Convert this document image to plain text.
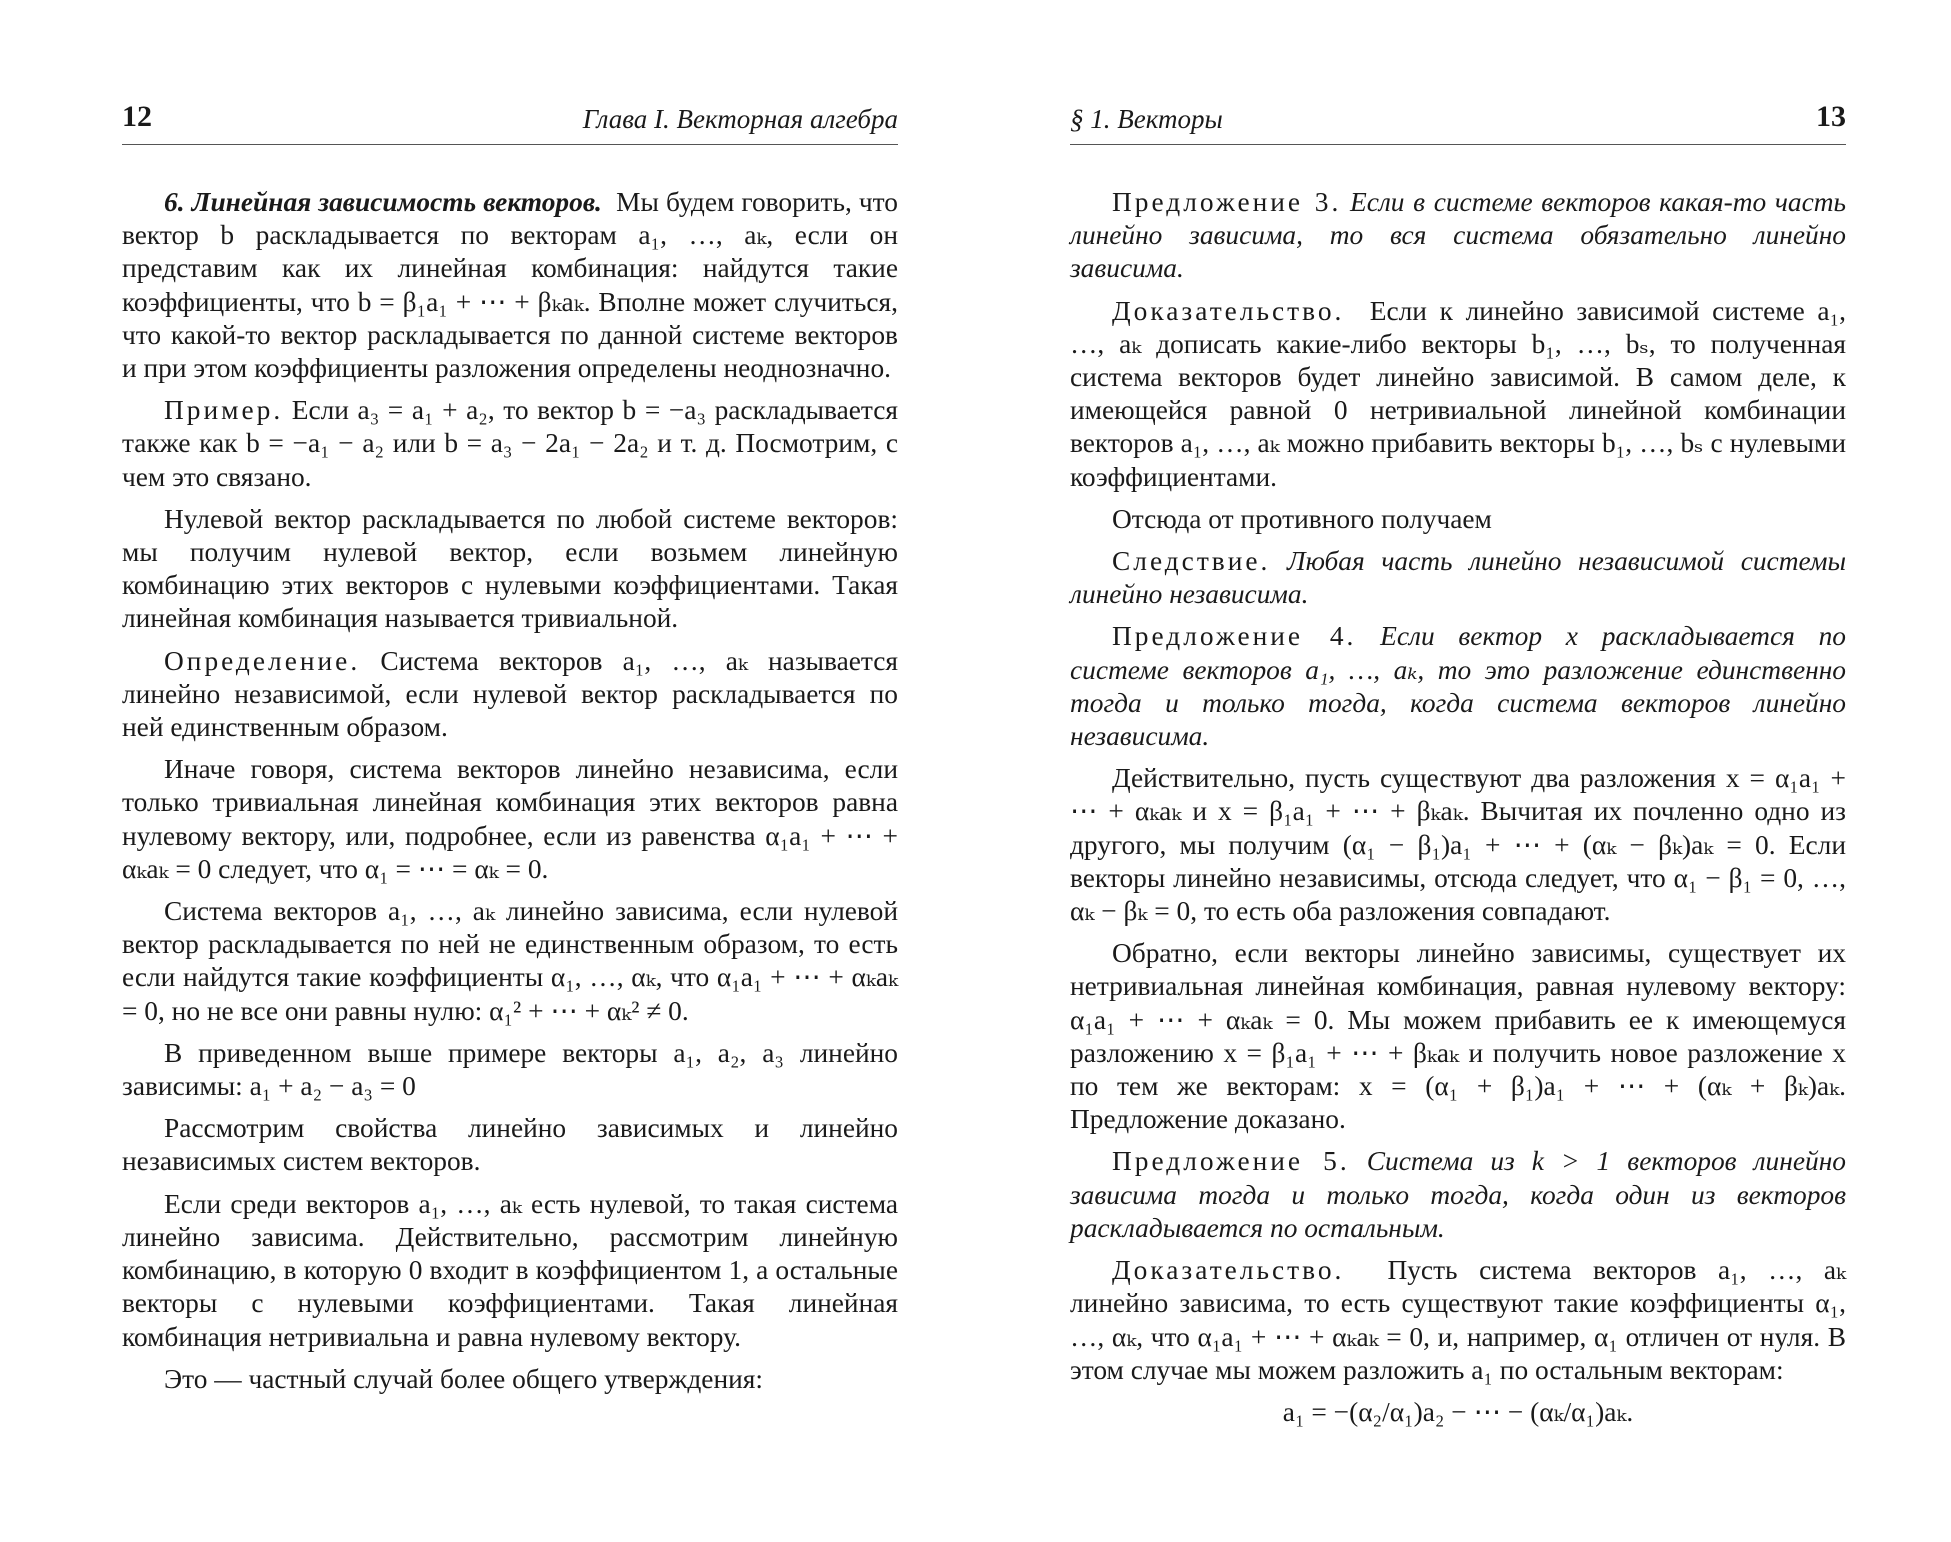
12	Глава I. Векторная алгебра

6. Линейная зависимость векторов. Мы будем говорить, что вектор b раскладывается по векторам a₁, …, aₖ, если он представим как их линейная комбинация: найдутся такие коэффициенты, что b = β₁a₁ + ⋯ + βₖaₖ. Вполне может случиться, что какой-то вектор раскладывается по данной системе векторов и при этом коэффициенты разложения определены неоднозначно.

Пример. Если a₃ = a₁ + a₂, то вектор b = −a₃ раскладывается также как b = −a₁ − a₂ или b = a₃ − 2a₁ − 2a₂ и т. д. Посмотрим, с чем это связано.

Нулевой вектор раскладывается по любой системе векторов: мы получим нулевой вектор, если возьмем линейную комбинацию этих векторов с нулевыми коэффициентами. Такая линейная комбинация называется тривиальной.

Определение. Система векторов a₁, …, aₖ называется линейно независимой, если нулевой вектор раскладывается по ней единственным образом.

Иначе говоря, система векторов линейно независима, если только тривиальная линейная комбинация этих векторов равна нулевому вектору, или, подробнее, если из равенства α₁a₁ + ⋯ + αₖaₖ = 0 следует, что α₁ = ⋯ = αₖ = 0.

Система векторов a₁, …, aₖ линейно зависима, если нулевой вектор раскладывается по ней не единственным образом, то есть если найдутся такие коэффициенты α₁, …, αₖ, что α₁a₁ + ⋯ + αₖaₖ = 0, но не все они равны нулю: α₁² + ⋯ + αₖ² ≠ 0.

В приведенном выше примере векторы a₁, a₂, a₃ линейно зависимы: a₁ + a₂ − a₃ = 0

Рассмотрим свойства линейно зависимых и линейно независимых систем векторов.

Если среди векторов a₁, …, aₖ есть нулевой, то такая система линейно зависима. Действительно, рассмотрим линейную комбинацию, в которую 0 входит в коэффициентом 1, а остальные векторы с нулевыми коэффициентами. Такая линейная комбинация нетривиальна и равна нулевому вектору.

Это — частный случай более общего утверждения:

§ 1. Векторы	13

Предложение 3. Если в системе векторов какая-то часть линейно зависима, то вся система обязательно линейно зависима.

Доказательство. Если к линейно зависимой системе a₁, …, aₖ дописать какие-либо векторы b₁, …, bₛ, то полученная система векторов будет линейно зависимой. В самом деле, к имеющейся равной 0 нетривиальной линейной комбинации векторов a₁, …, aₖ можно прибавить векторы b₁, …, bₛ с нулевыми коэффициентами.

Отсюда от противного получаем

Следствие. Любая часть линейно независимой системы линейно независима.

Предложение 4. Если вектор x раскладывается по системе векторов a₁, …, aₖ, то это разложение единственно тогда и только тогда, когда система векторов линейно независима.

Действительно, пусть существуют два разложения x = α₁a₁ + ⋯ + αₖaₖ и x = β₁a₁ + ⋯ + βₖaₖ. Вычитая их почленно одно из другого, мы получим (α₁ − β₁)a₁ + ⋯ + (αₖ − βₖ)aₖ = 0. Если векторы линейно независимы, отсюда следует, что α₁ − β₁ = 0, …, αₖ − βₖ = 0, то есть оба разложения совпадают.

Обратно, если векторы линейно зависимы, существует их нетривиальная линейная комбинация, равная нулевому вектору: α₁a₁ + ⋯ + αₖaₖ = 0. Мы можем прибавить ее к имеющемуся разложению x = β₁a₁ + ⋯ + βₖaₖ и получить новое разложение x по тем же векторам: x = (α₁ + β₁)a₁ + ⋯ + (αₖ + βₖ)aₖ. Предложение доказано.

Предложение 5. Система из k > 1 векторов линейно зависима тогда и только тогда, когда один из векторов раскладывается по остальным.

Доказательство. Пусть система векторов a₁, …, aₖ линейно зависима, то есть существуют такие коэффициенты α₁, …, αₖ, что α₁a₁ + ⋯ + αₖaₖ = 0, и, например, α₁ отличен от нуля. В этом случае мы можем разложить a₁ по остальным векторам:

a₁ = −(α₂/α₁)a₂ − ⋯ − (αₖ/α₁)aₖ.
